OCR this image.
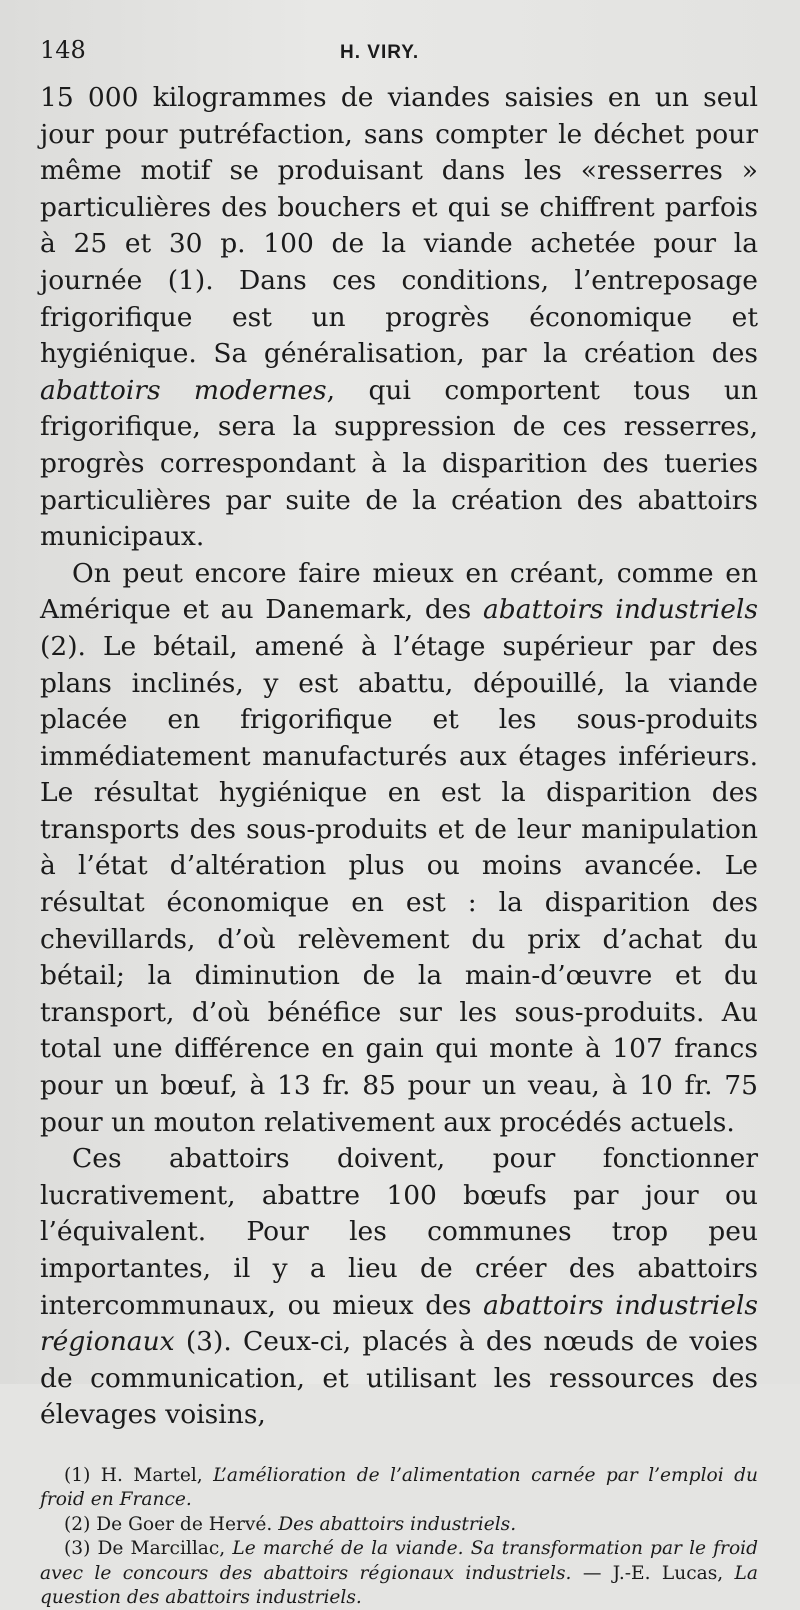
148	H. VIRY.

15 000 kilogrammes de viandes saisies en un seul jour pour putréfaction, sans compter le déchet pour même motif se produisant dans les «resserres » particulières des bouchers et qui se chiffrent parfois à 25 et 30 p. 100 de la viande achetée pour la journée (1). Dans ces conditions, l’entreposage frigorifique est un progrès économique et hygiénique. Sa généralisation, par la création des abattoirs modernes, qui comportent tous un frigorifique, sera la suppression de ces resserres, progrès correspondant à la disparition des tueries particulières par suite de la création des abattoirs municipaux.

On peut encore faire mieux en créant, comme en Amérique et au Danemark, des abattoirs industriels (2). Le bétail, amené à l’étage supérieur par des plans inclinés, y est abattu, dépouillé, la viande placée en frigorifique et les sous-produits immédiatement manufacturés aux étages inférieurs. Le résultat hygiénique en est la disparition des transports des sous-produits et de leur manipulation à l’état d’altération plus ou moins avancée. Le résultat économique en est : la disparition des chevillards, d’où relèvement du prix d’achat du bétail; la diminution de la main-d’œuvre et du transport, d’où bénéfice sur les sous-produits. Au total une différence en gain qui monte à 107 francs pour un bœuf, à 13 fr. 85 pour un veau, à 10 fr. 75 pour un mouton relativement aux procédés actuels.

Ces abattoirs doivent, pour fonctionner lucrativement, abattre 100 bœufs par jour ou l’équivalent. Pour les communes trop peu importantes, il y a lieu de créer des abattoirs intercommunaux, ou mieux des abattoirs industriels régionaux (3). Ceux-ci, placés à des nœuds de voies de communication, et utilisant les ressources des élevages voisins,

(1) H. Martel, L’amélioration de l’alimentation carnée par l’emploi du froid en France.

(2) De Goer de Hervé. Des abattoirs industriels.

(3) De Marcillac, Le marché de la viande. Sa transformation par le froid avec le concours des abattoirs régionaux industriels. — J.-E. Lucas, La question des abattoirs industriels.
